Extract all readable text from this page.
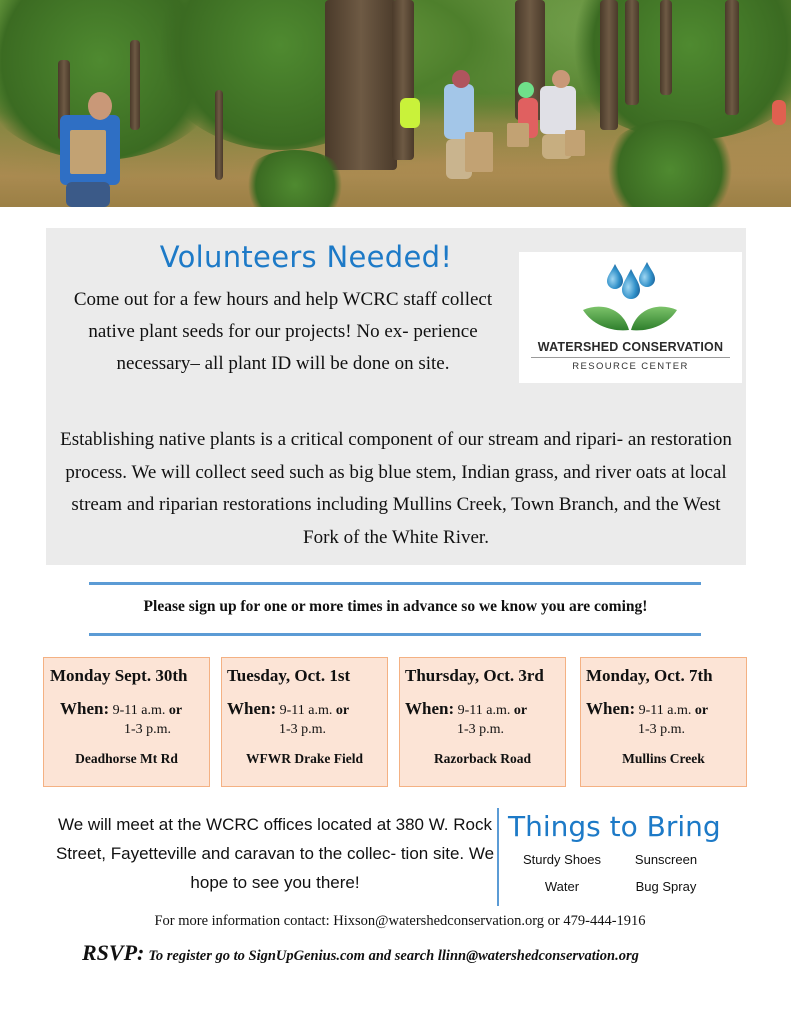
Volunteers Needed!

Come out for a few hours and help WCRC staff collect native plant seeds for our projects! No ex- perience necessary– all plant ID will be done on site.

WATERSHED CONSERVATION
RESOURCE CENTER

Establishing native plants is a critical component of our stream and ripari- an restoration process. We will collect seed such as big blue stem, Indian grass, and river oats at local stream and riparian restorations including Mullins Creek, Town Branch, and the West Fork of the White River.

Please sign up for one or more times in advance so we know you are coming!

Monday Sept. 30th
When: 9-11 a.m. or
1-3 p.m.
Deadhorse Mt Rd
Tuesday, Oct. 1st
When: 9-11 a.m. or
1-3 p.m.
WFWR Drake Field
Thursday, Oct. 3rd
When: 9-11 a.m. or
1-3 p.m.
Razorback Road
Monday, Oct. 7th
When: 9-11 a.m. or
1-3 p.m.
Mullins Creek

We will meet at the WCRC offices located at 380 W. Rock Street, Fayetteville and caravan to the collec- tion site. We hope to see you there!

Things to Bring
Sturdy Shoes	Sunscreen
Water	Bug Spray

For more information contact: Hixson@watershedconservation.org or 479-444-1916

RSVP: To register go to SignUpGenius.com and search llinn@watershedconservation.org
